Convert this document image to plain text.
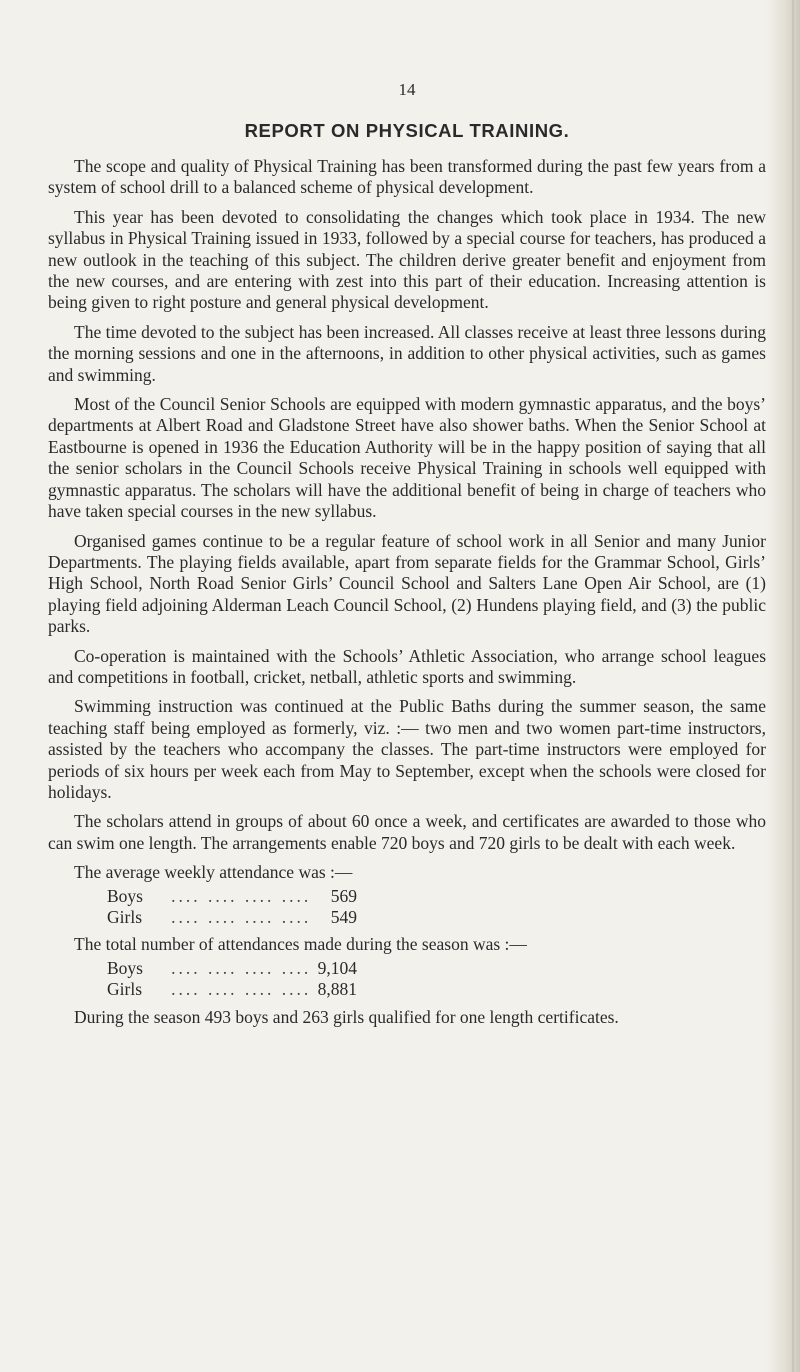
14
REPORT ON PHYSICAL TRAINING.

The scope and quality of Physical Training has been transformed during the past few years from a system of school drill to a balanced scheme of physical development.

This year has been devoted to consolidating the changes which took place in 1934. The new syllabus in Physical Training issued in 1933, followed by a special course for teachers, has produced a new outlook in the teaching of this subject. The children derive greater benefit and enjoyment from the new courses, and are entering with zest into this part of their education. Increasing attention is being given to right posture and general physical development.

The time devoted to the subject has been increased. All classes receive at least three lessons during the morning sessions and one in the afternoons, in addition to other physical activities, such as games and swimming.

Most of the Council Senior Schools are equipped with modern gymnastic apparatus, and the boys’ departments at Albert Road and Gladstone Street have also shower baths. When the Senior School at Eastbourne is opened in 1936 the Education Authority will be in the happy position of saying that all the senior scholars in the Council Schools receive Physical Training in schools well equipped with gymnastic apparatus. The scholars will have the additional benefit of being in charge of teachers who have taken special courses in the new syllabus.

Organised games continue to be a regular feature of school work in all Senior and many Junior Departments. The playing fields available, apart from separate fields for the Grammar School, Girls’ High School, North Road Senior Girls’ Council School and Salters Lane Open Air School, are (1) playing field adjoining Alderman Leach Council School, (2) Hundens playing field, and (3) the public parks.

Co-operation is maintained with the Schools’ Athletic Association, who arrange school leagues and competitions in football, cricket, netball, athletic sports and swimming.

Swimming instruction was continued at the Public Baths during the summer season, the same teaching staff being employed as formerly, viz. :— two men and two women part-time instructors, assisted by the teachers who accompany the classes. The part-time instructors were employed for periods of six hours per week each from May to September, except when the schools were closed for holidays.

The scholars attend in groups of about 60 once a week, and certificates are awarded to those who can swim one length. The arrangements enable 720 boys and 720 girls to be dealt with each week.

The average weekly attendance was :—

Boys	.... .... .... ....	569
Girls	.... .... .... ....	549

The total number of attendances made during the season was :—

Boys	.... .... .... .... 9,104
Girls	.... .... .... .... 8,881

During the season 493 boys and 263 girls qualified for one length certificates.
